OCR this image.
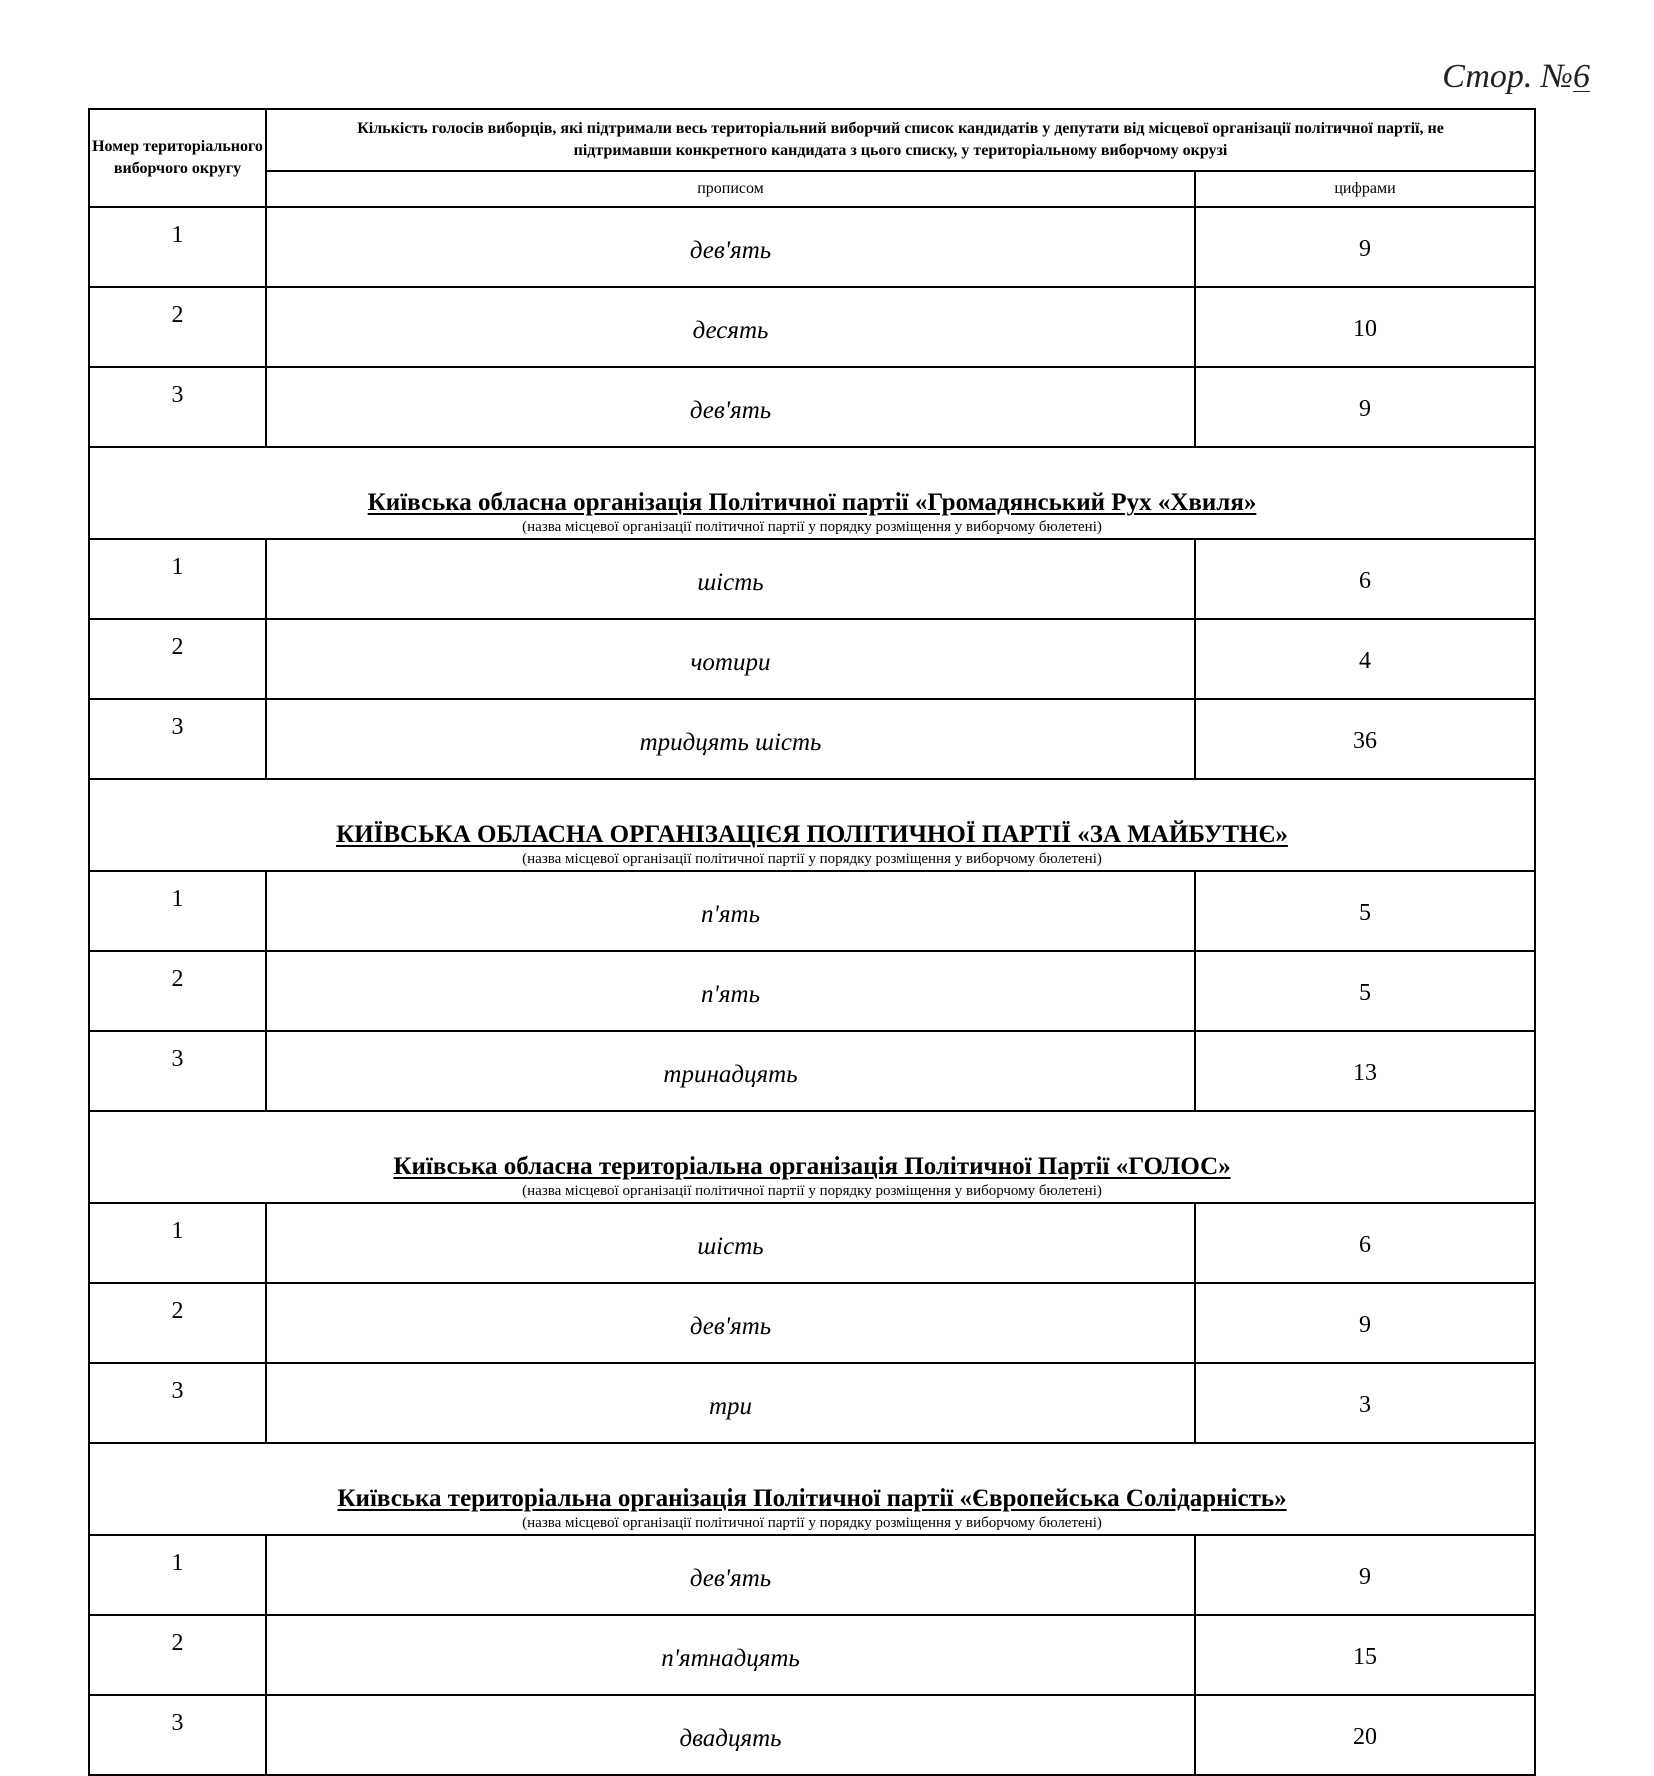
Стор. №6
Номер територіального виборчого округу	Кількість голосів виборців, які підтримали весь територіальний виборчий список кандидатів у депутати від місцевої організації політичної партії, не підтримавши конкретного кандидата з цього списку, у територіальному виборчому окрузі	
	прописом	цифрами
1	дев'ять	9
2	десять	10
3	дев'ять	9

Київська обласна організація Політичної партії «Громадянський Рух «Хвиля»
(назва місцевої організації політичної партії у порядку розміщення у виборчому бюлетені)		

1	шість	6
2	чотири	4
3	тридцять шість	36

КИЇВСЬКА ОБЛАСНА ОРГАНІЗАЦІЄЯ ПОЛІТИЧНОЇ ПАРТІЇ «ЗА МАЙБУТНЄ»
(назва місцевої організації політичної партії у порядку розміщення у виборчому бюлетені)		

1	п'ять	5
2	п'ять	5
3	тринадцять	13

Київська обласна територіальна організація Політичної Партії «ГОЛОС»
(назва місцевої організації політичної партії у порядку розміщення у виборчому бюлетені)		

1	шість	6
2	дев'ять	9
3	три	3

Київська територіальна організація Політичної партії «Європейська Солідарність»
(назва місцевої організації політичної партії у порядку розміщення у виборчому бюлетені)		

1	дев'ять	9
2	п'ятнадцять	15
3	двадцять	20
